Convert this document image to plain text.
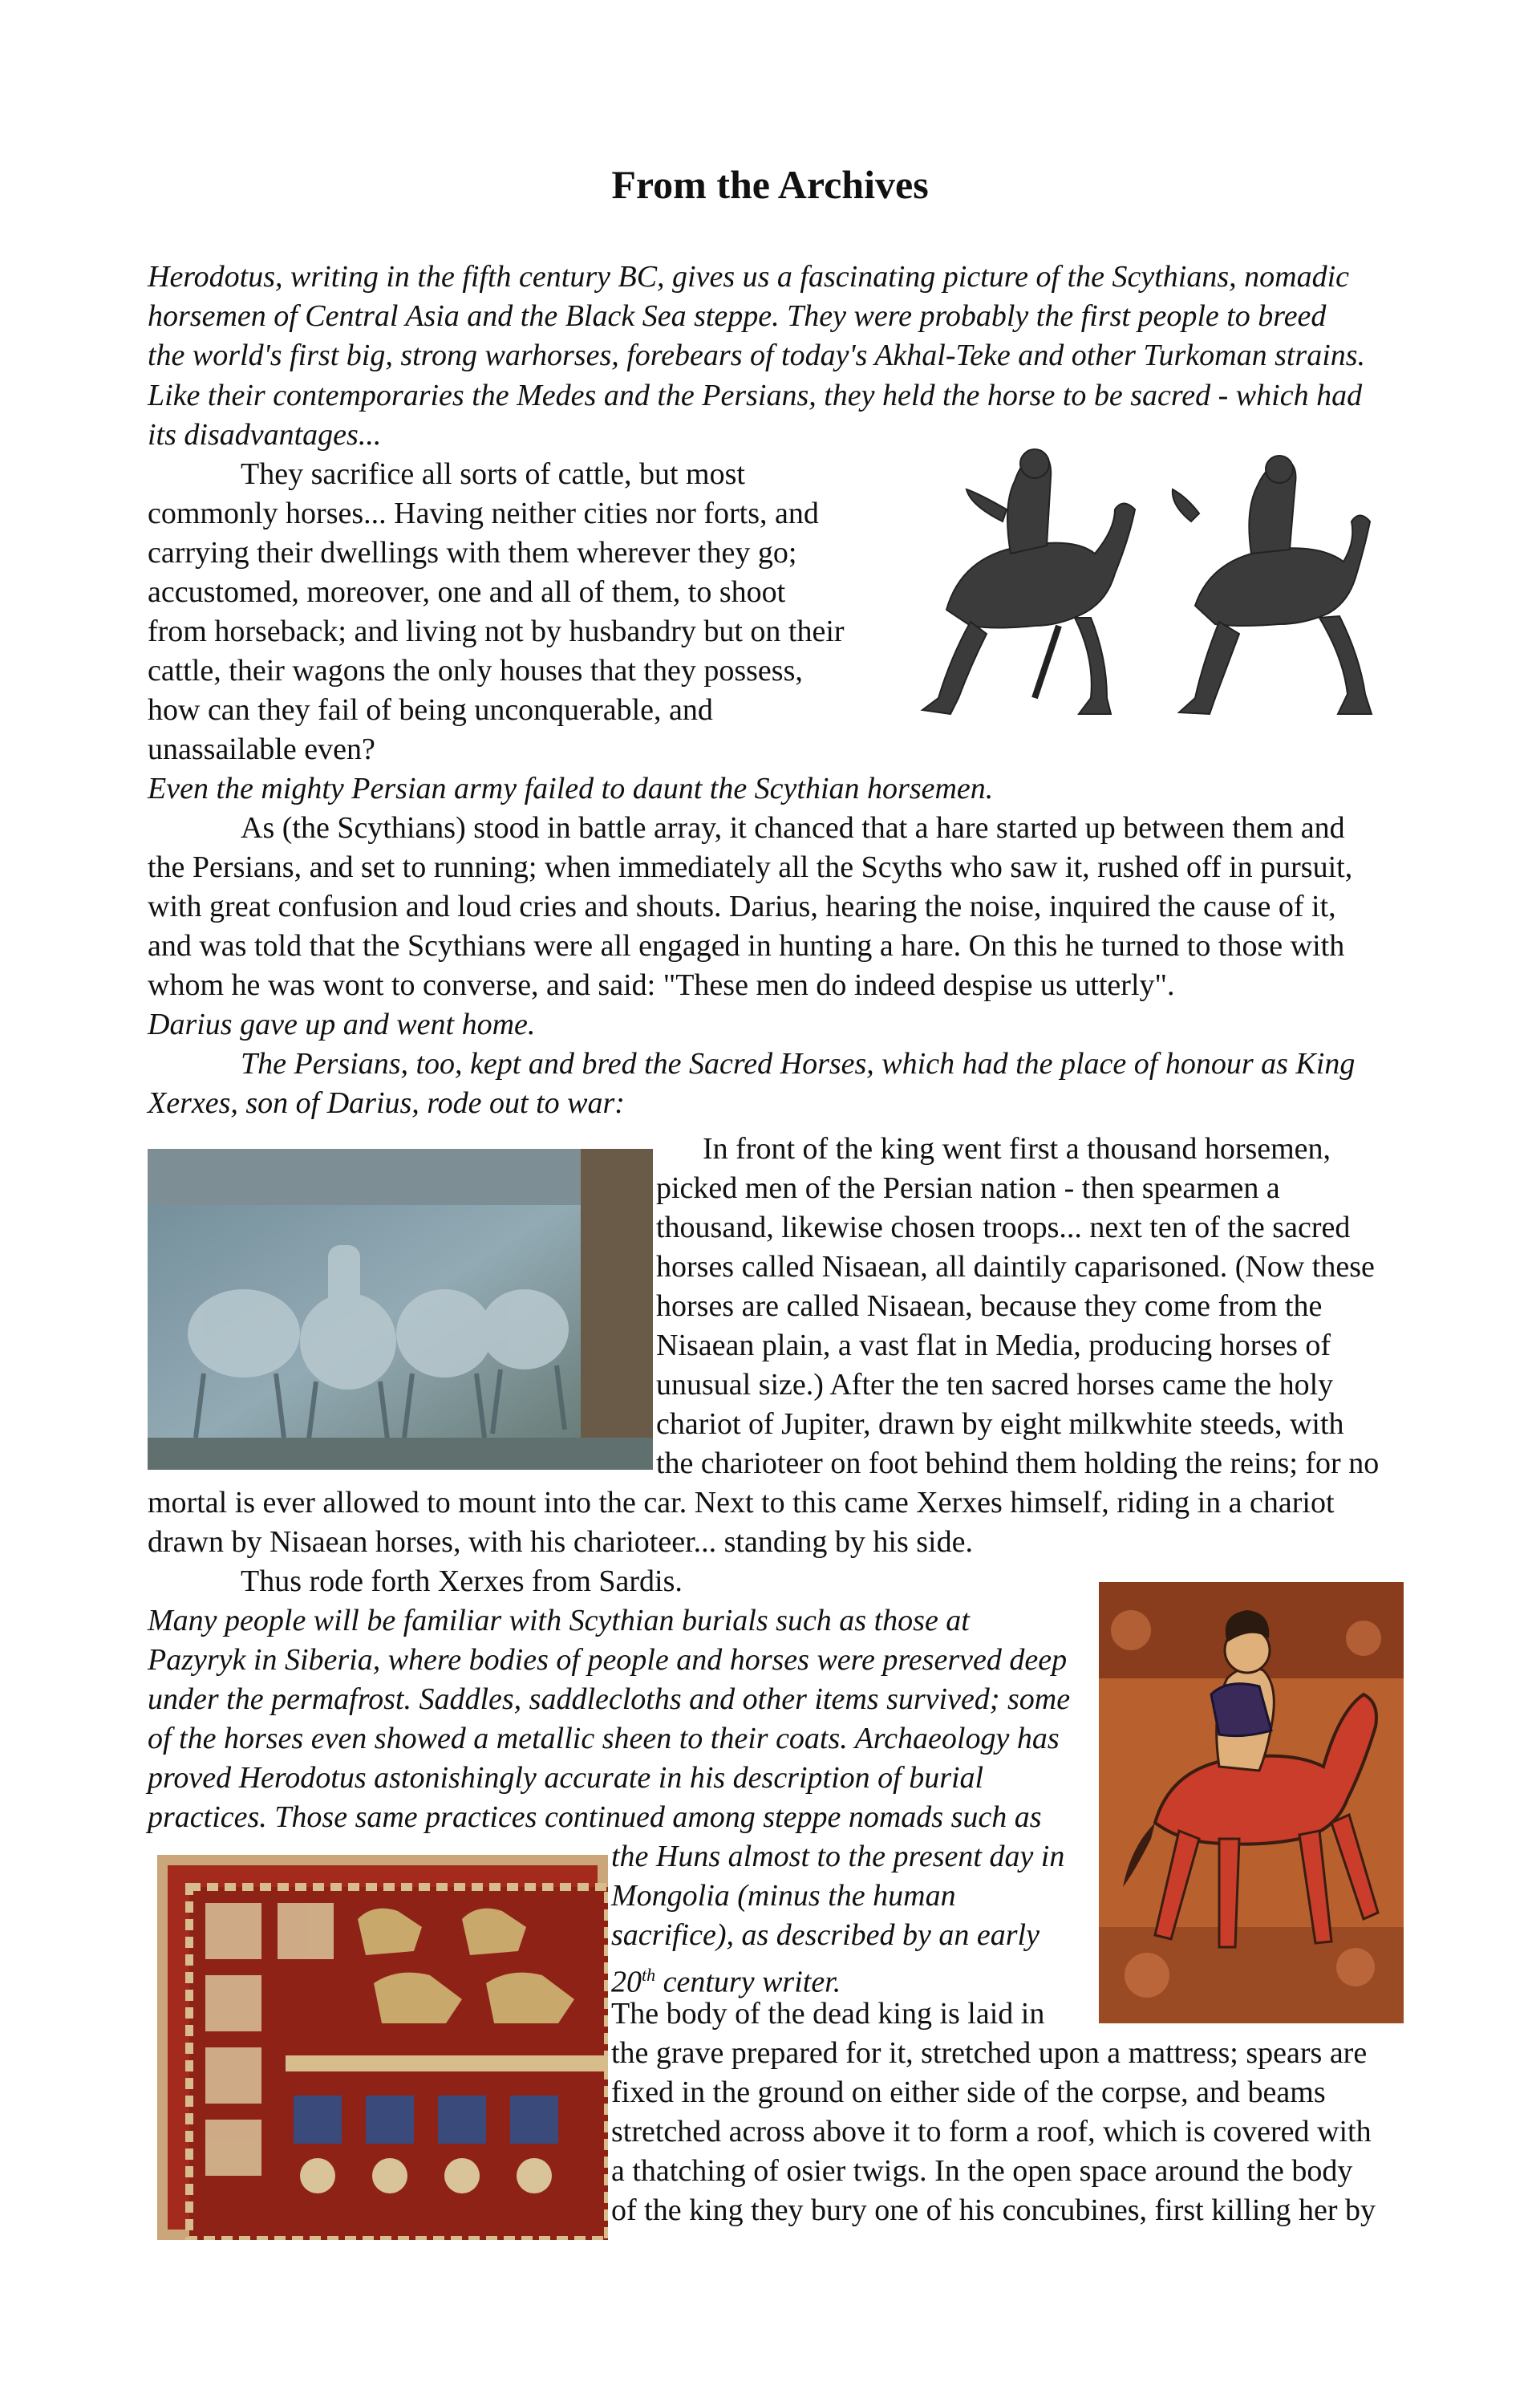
From the Archives
Herodotus, writing in the fifth century BC, gives us a fascinating picture of the Scythians, nomadic
horsemen of Central Asia and the Black Sea steppe. They were probably the first people to breed
the world's first big, strong warhorses, forebears of today's Akhal-Teke and other Turkoman strains.
Like their contemporaries the Medes and the Persians, they held the horse to be sacred - which had
its disadvantages...
They sacrifice all sorts of cattle, but most
commonly horses... Having neither cities nor forts, and
carrying their dwellings with them wherever they go;
accustomed, moreover, one and all of them, to shoot
from horseback; and living not by husbandry but on their
cattle, their wagons the only houses that they possess,
how can they fail of being unconquerable, and
unassailable even?
Even the mighty Persian army failed to daunt the Scythian horsemen.
As (the Scythians) stood in battle array, it chanced that a hare started up between them and
the Persians, and set to running; when immediately all the Scyths who saw it, rushed off in pursuit,
with great confusion and loud cries and shouts. Darius, hearing the noise, inquired the cause of it,
and was told that the Scythians were all engaged in hunting a hare. On this he turned to those with
whom he was wont to converse, and said: "These men do indeed despise us utterly".
Darius gave up and went home.
The Persians, too, kept and bred the Sacred Horses, which had the place of honour as King
Xerxes, son of Darius, rode out to war:
In front of the king went first a thousand horsemen,
picked men of the Persian nation - then spearmen a
thousand, likewise chosen troops... next ten of the sacred
horses called Nisaean, all daintily caparisoned. (Now these
horses are called Nisaean, because they come from the
Nisaean plain, a vast flat in Media, producing horses of
unusual size.) After the ten sacred horses came the holy
chariot of Jupiter, drawn by eight milkwhite steeds, with
the charioteer on foot behind them holding the reins; for no
mortal is ever allowed to mount into the car. Next to this came Xerxes himself, riding in a chariot
drawn by Nisaean horses, with his charioteer... standing by his side.
Thus rode forth Xerxes from Sardis.
Many people will be familiar with Scythian burials such as those at
Pazyryk in Siberia, where bodies of people and horses were preserved deep
under the permafrost. Saddles, saddlecloths and other items survived; some
of the horses even showed a metallic sheen to their coats. Archaeology has
proved Herodotus astonishingly accurate in his description of burial
practices. Those same practices continued among steppe nomads such as
the Huns almost to the present day in
Mongolia (minus the human
sacrifice), as described by an early
20th century writer.
The body of the dead king is laid in
the grave prepared for it, stretched upon a mattress; spears are
fixed in the ground on either side of the corpse, and beams
stretched across above it to form a roof, which is covered with
a thatching of osier twigs. In the open space around the body
of the king they bury one of his concubines, first killing her by
